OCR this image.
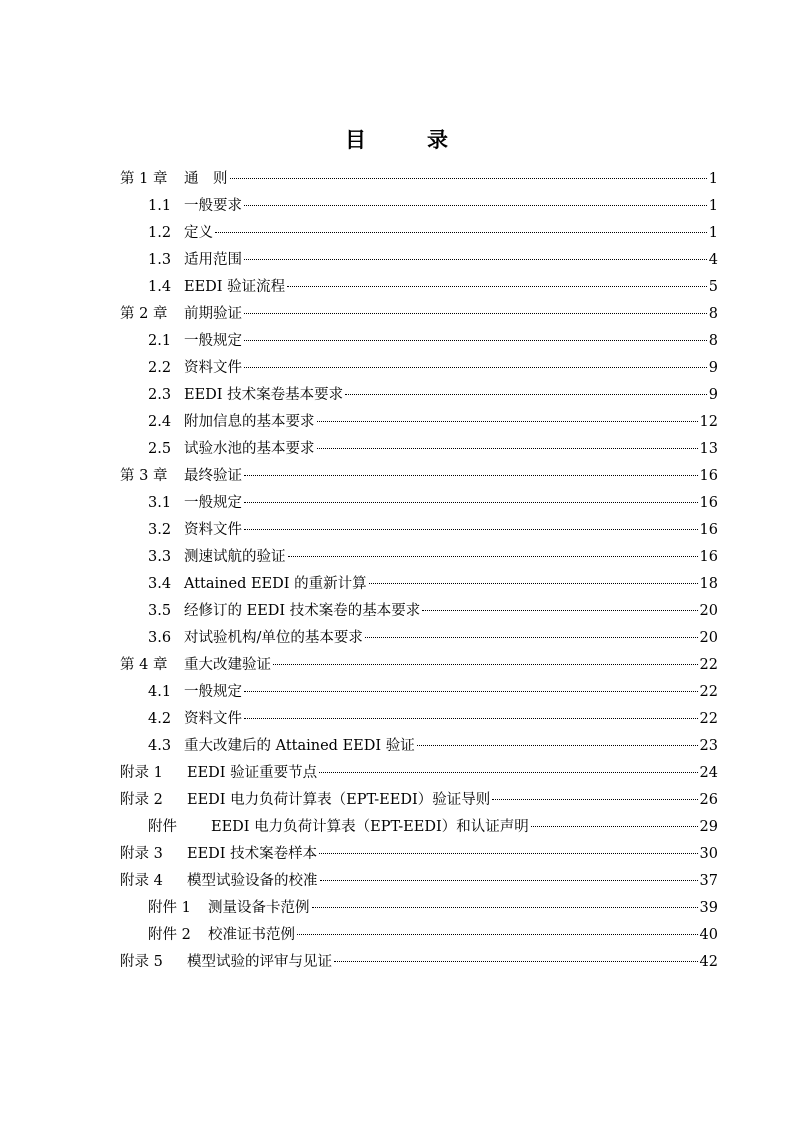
目　录
第 1 章	通　则	1
1.1 一般要求	1
1.2 定义	1
1.3 适用范围	4
1.4 EEDI 验证流程	5
第 2 章	前期验证	8
2.1 一般规定	8
2.2 资料文件	9
2.3 EEDI 技术案卷基本要求	9
2.4 附加信息的基本要求	12
2.5 试验水池的基本要求	13
第 3 章	最终验证	16
3.1 一般规定	16
3.2 资料文件	16
3.3 测速试航的验证	16
3.4 Attained EEDI 的重新计算	18
3.5 经修订的 EEDI 技术案卷的基本要求	20
3.6 对试验机构/单位的基本要求	20
第 4 章	重大改建验证	22
4.1 一般规定	22
4.2 资料文件	22
4.3 重大改建后的 Attained EEDI 验证	23
附录 1	EEDI 验证重要节点	24
附录 2	EEDI 电力负荷计算表（EPT-EEDI）验证导则	26
附件	EEDI 电力负荷计算表（EPT-EEDI）和认证声明	29
附录 3	EEDI 技术案卷样本	30
附录 4	模型试验设备的校准	37
附件 1	测量设备卡范例	39
附件 2	校准证书范例	40
附录 5	模型试验的评审与见证	42
